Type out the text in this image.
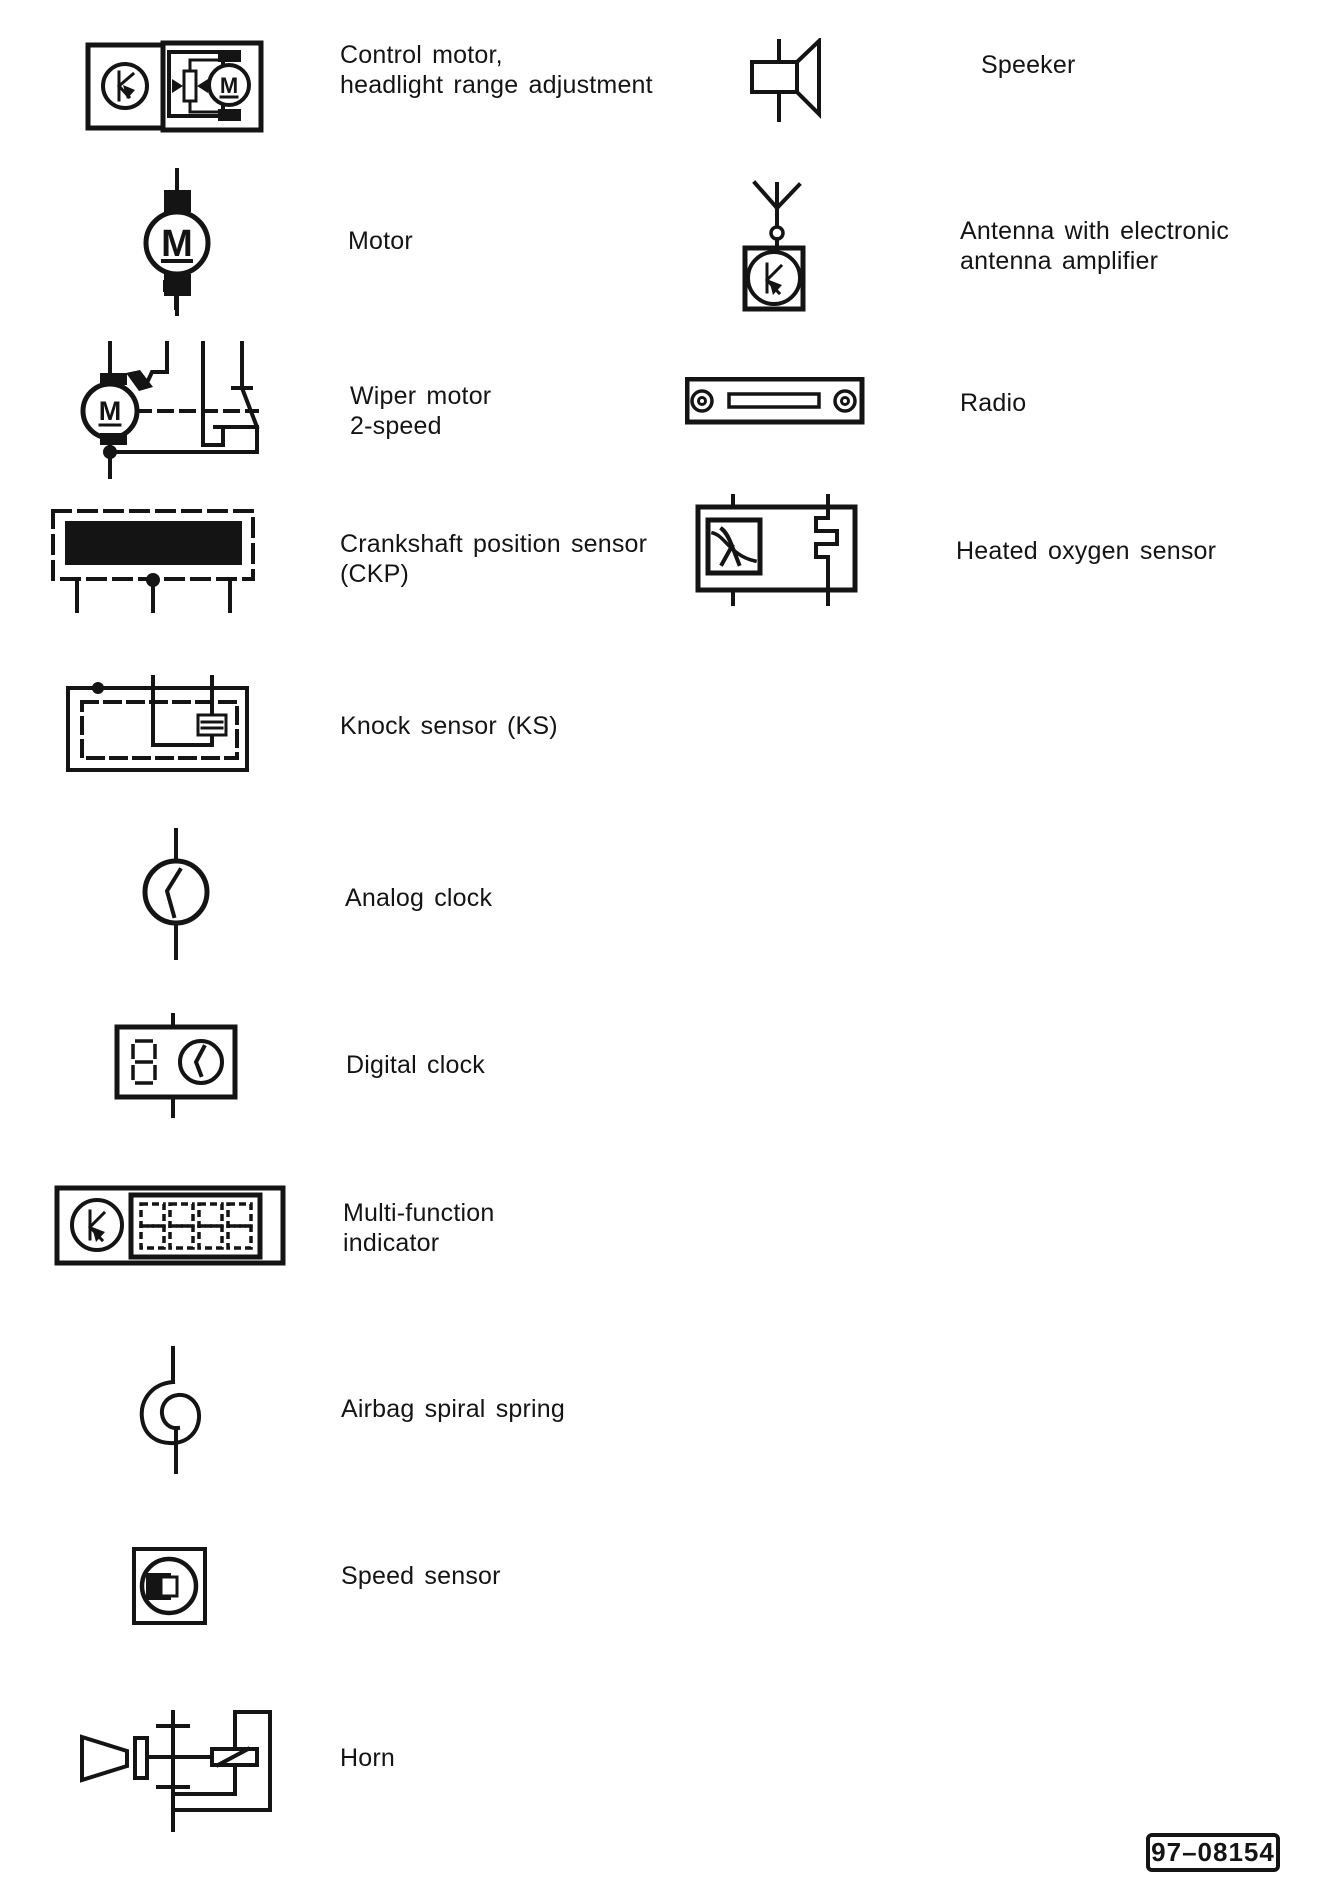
M
Control motor,
headlight range adjustment
M	Motor
M	Wiper motor
2-speed
Crankshaft position sensor
(CKP)
Knock sensor (KS)
Analog clock
Digital clock
Multi-function
indicator
Airbag spiral spring
Speed sensor
Horn
Speeker
Antenna with electronic
antenna amplifier
Radio
Heated oxygen sensor
97–08154
